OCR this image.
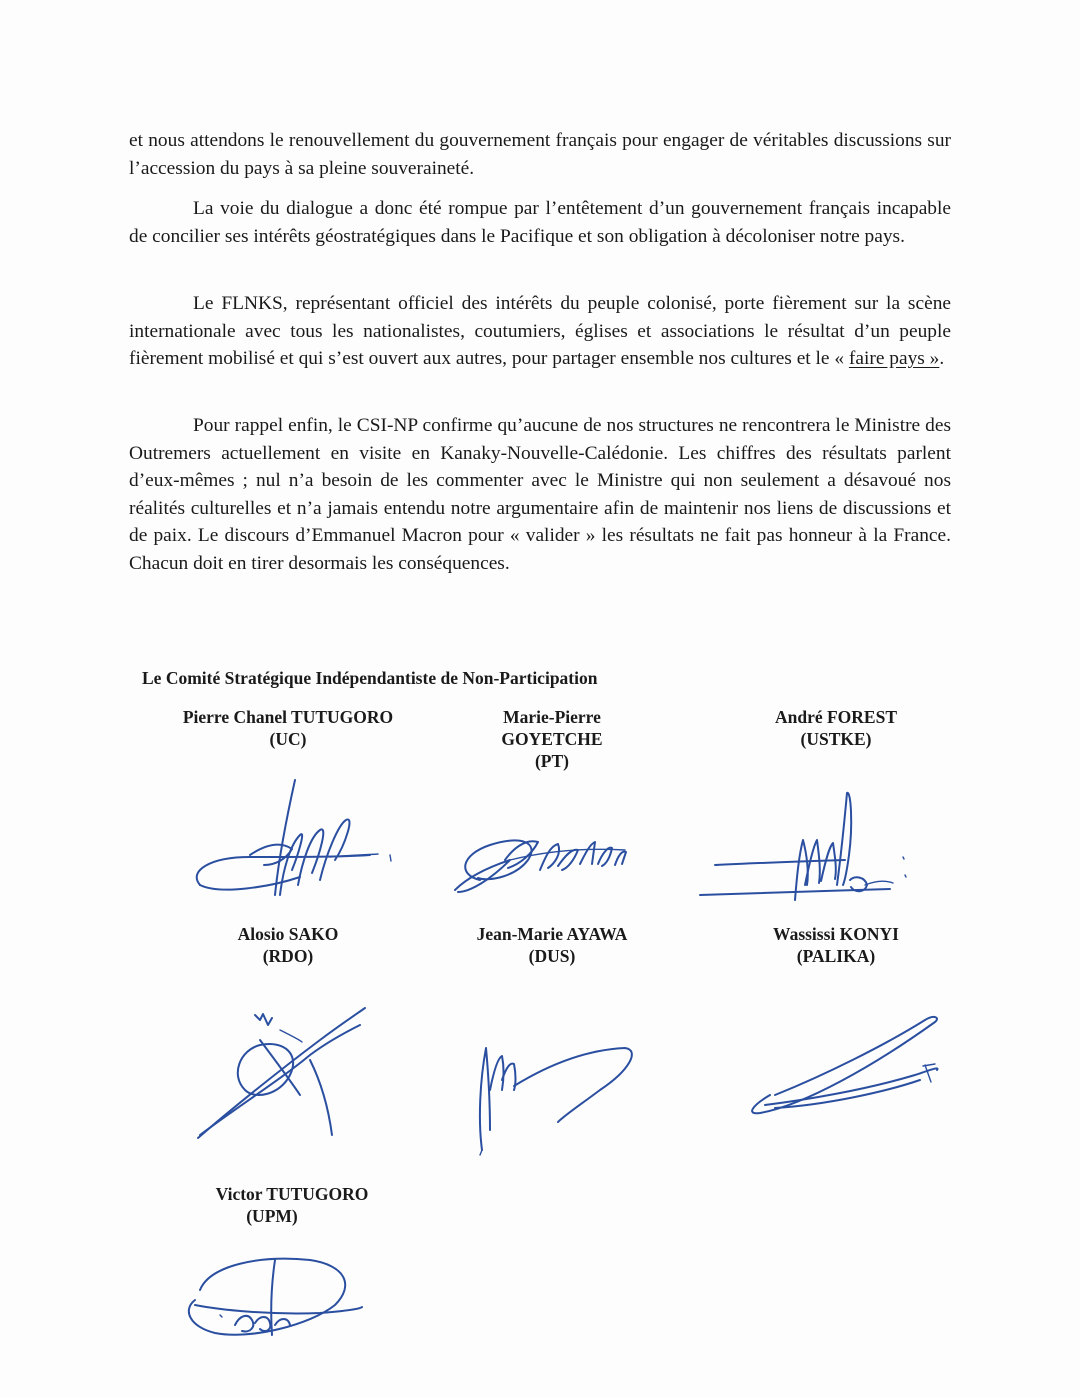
et nous attendons le renouvellement du gouvernement français pour engager de véritables discussions sur l’accession du pays à sa pleine souveraineté.

La voie du dialogue a donc été rompue par l’entêtement d’un gouvernement français incapable de concilier ses intérêts géostratégiques dans le Pacifique et son obligation à décoloniser notre pays.

Le FLNKS, représentant officiel des intérêts du peuple colonisé, porte fièrement sur la scène internationale avec tous les nationalistes, coutumiers, églises et associations le résultat d’un peuple fièrement mobilisé et qui s’est ouvert aux autres, pour partager ensemble nos cultures et le « faire pays ».

Pour rappel enfin, le CSI-NP confirme qu’aucune de nos structures ne rencontrera le Ministre des Outremers actuellement en visite en Kanaky-Nouvelle-Calédonie. Les chiffres des résultats parlent d’eux-mêmes ; nul n’a besoin de les commenter avec le Ministre qui non seulement a désavoué nos réalités culturelles et n’a jamais entendu notre argumentaire afin de maintenir nos liens de discussions et de paix. Le discours d’Emmanuel Macron pour « valider » les résultats ne fait pas honneur à la France. Chacun doit en tirer desormais les conséquences.

Le Comité Stratégique Indépendantiste de Non-Participation
Pierre Chanel TUTUGORO
(UC)
Marie-Pierre
GOYETCHE
(PT)
André FOREST
(USTKE)
Alosio SAKO
(RDO)
Jean-Marie AYAWA
(DUS)
Wassissi KONYI
(PALIKA)
Victor TUTUGORO
(UPM)
